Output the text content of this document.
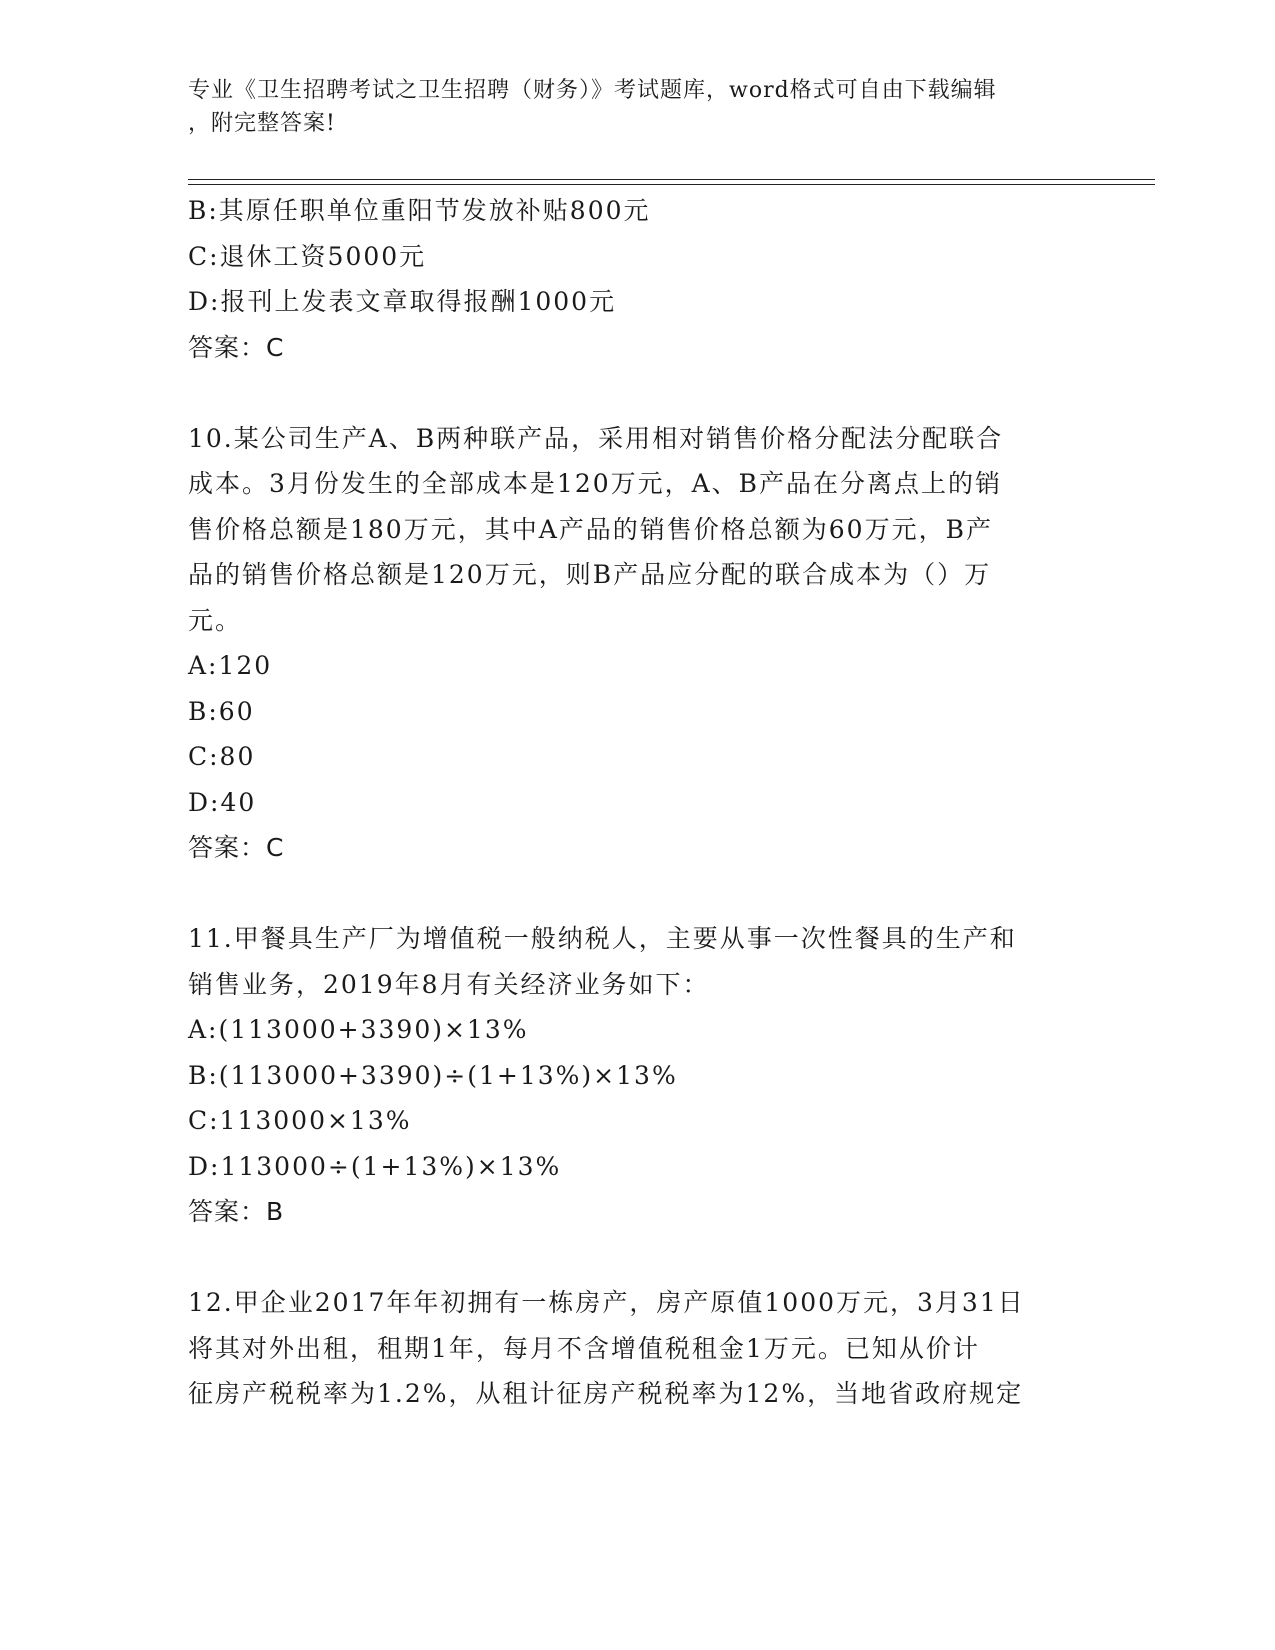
专业《卫生招聘考试之卫生招聘（财务）》考试题库，word格式可自由下载编辑
，附完整答案!
B:其原任职单位重阳节发放补贴800元
C:退休工资5000元
D:报刊上发表文章取得报酬1000元
答案：C
10.某公司生产A、B两种联产品，采用相对销售价格分配法分配联合
成本。3月份发生的全部成本是120万元，A、B产品在分离点上的销
售价格总额是180万元，其中A产品的销售价格总额为60万元，B产
品的销售价格总额是120万元，则B产品应分配的联合成本为（）万
元。
A:120
B:60
C:80
D:40
答案：C
11.甲餐具生产厂为增值税一般纳税人，主要从事一次性餐具的生产和
销售业务，2019年8月有关经济业务如下：
A:(113000+3390)×13%
B:(113000+3390)÷(1+13%)×13%
C:113000×13%
D:113000÷(1+13%)×13%
答案：B
12.甲企业2017年年初拥有一栋房产，房产原值1000万元，3月31日
将其对外出租，租期1年，每月不含增值税租金1万元。已知从价计
征房产税税率为1.2%，从租计征房产税税率为12%，当地省政府规定
